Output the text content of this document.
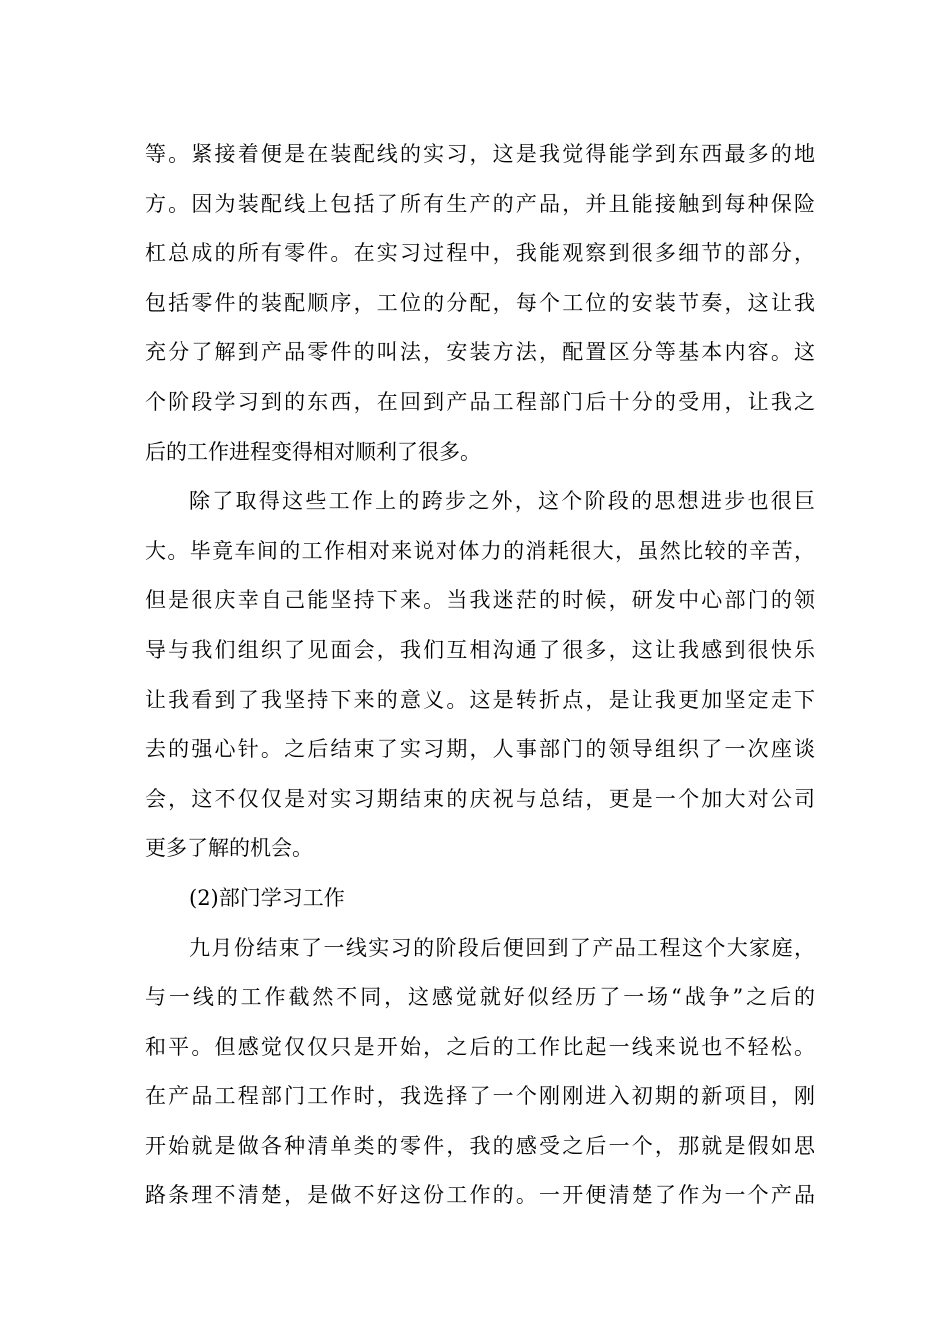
等。紧接着便是在装配线的实习，这是我觉得能学到东西最多的地
方。因为装配线上包括了所有生产的产品，并且能接触到每种保险
杠总成的所有零件。在实习过程中，我能观察到很多细节的部分，
包括零件的装配顺序，工位的分配，每个工位的安装节奏，这让我
充分了解到产品零件的叫法，安装方法，配置区分等基本内容。这
个阶段学习到的东西，在回到产品工程部门后十分的受用，让我之
后的工作进程变得相对顺利了很多。
除了取得这些工作上的跨步之外，这个阶段的思想进步也很巨
大。毕竟车间的工作相对来说对体力的消耗很大，虽然比较的辛苦，
但是很庆幸自己能坚持下来。当我迷茫的时候，研发中心部门的领
导与我们组织了见面会，我们互相沟通了很多，这让我感到很快乐
让我看到了我坚持下来的意义。这是转折点，是让我更加坚定走下
去的强心针。之后结束了实习期，人事部门的领导组织了一次座谈
会，这不仅仅是对实习期结束的庆祝与总结，更是一个加大对公司
更多了解的机会。
(2)部门学习工作
九月份结束了一线实习的阶段后便回到了产品工程这个大家庭，
与一线的工作截然不同，这感觉就好似经历了一场“战争”之后的
和平。但感觉仅仅只是开始，之后的工作比起一线来说也不轻松。
在产品工程部门工作时，我选择了一个刚刚进入初期的新项目，刚
开始就是做各种清单类的零件，我的感受之后一个，那就是假如思
路条理不清楚，是做不好这份工作的。一开便清楚了作为一个产品
